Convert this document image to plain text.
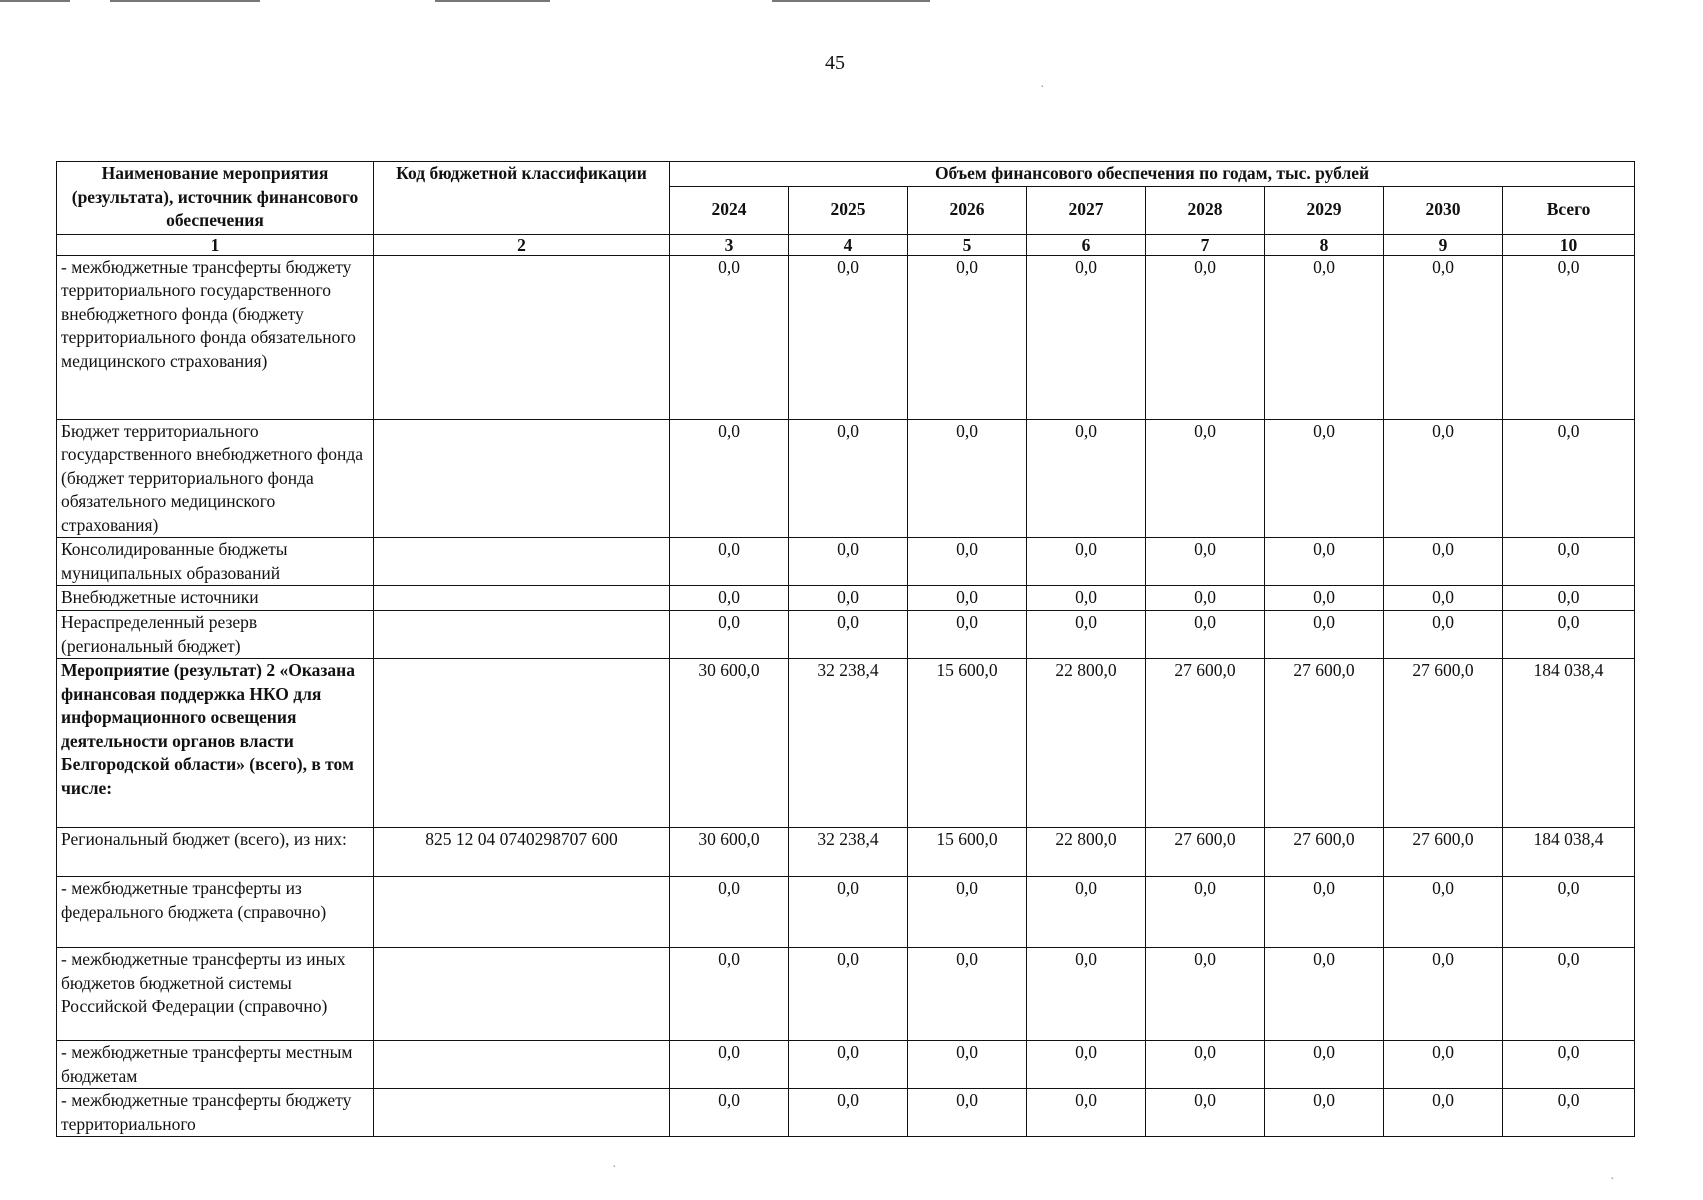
45
Наименование мероприятия (результата), источник финансового обеспечения	Код бюджетной классификации	Объем финансового обеспечения по годам, тыс. рублей							
		2024	2025	2026	2027	2028	2029	2030	Всего
1	2	3	4	5	6	7	8	9	10
- межбюджетные трансферты бюджету территориального государственного внебюджетного фонда (бюджету территориального фонда обязательного медицинского страхования)		0,0	0,0	0,0	0,0	0,0	0,0	0,0	0,0
Бюджет территориального государственного внебюджетного фонда (бюджет территориального фонда обязательного медицинского страхования)		0,0	0,0	0,0	0,0	0,0	0,0	0,0	0,0
Консолидированные бюджеты муниципальных образований		0,0	0,0	0,0	0,0	0,0	0,0	0,0	0,0
Внебюджетные источники		0,0	0,0	0,0	0,0	0,0	0,0	0,0	0,0
Нераспределенный резерв (региональный бюджет)		0,0	0,0	0,0	0,0	0,0	0,0	0,0	0,0
Мероприятие (результат) 2 «Оказана финансовая поддержка НКО для информационного освещения деятельности органов власти Белгородской области» (всего), в том числе:		30 600,0	32 238,4	15 600,0	22 800,0	27 600,0	27 600,0	27 600,0	184 038,4
Региональный бюджет (всего), из них:	825 12 04 0740298707 600	30 600,0	32 238,4	15 600,0	22 800,0	27 600,0	27 600,0	27 600,0	184 038,4
- межбюджетные трансферты из федерального бюджета (справочно)		0,0	0,0	0,0	0,0	0,0	0,0	0,0	0,0
- межбюджетные трансферты из иных бюджетов бюджетной системы Российской Федерации (справочно)		0,0	0,0	0,0	0,0	0,0	0,0	0,0	0,0
- межбюджетные трансферты местным бюджетам		0,0	0,0	0,0	0,0	0,0	0,0	0,0	0,0
- межбюджетные трансферты бюджету территориального		0,0	0,0	0,0	0,0	0,0	0,0	0,0	0,0
·
·
·
